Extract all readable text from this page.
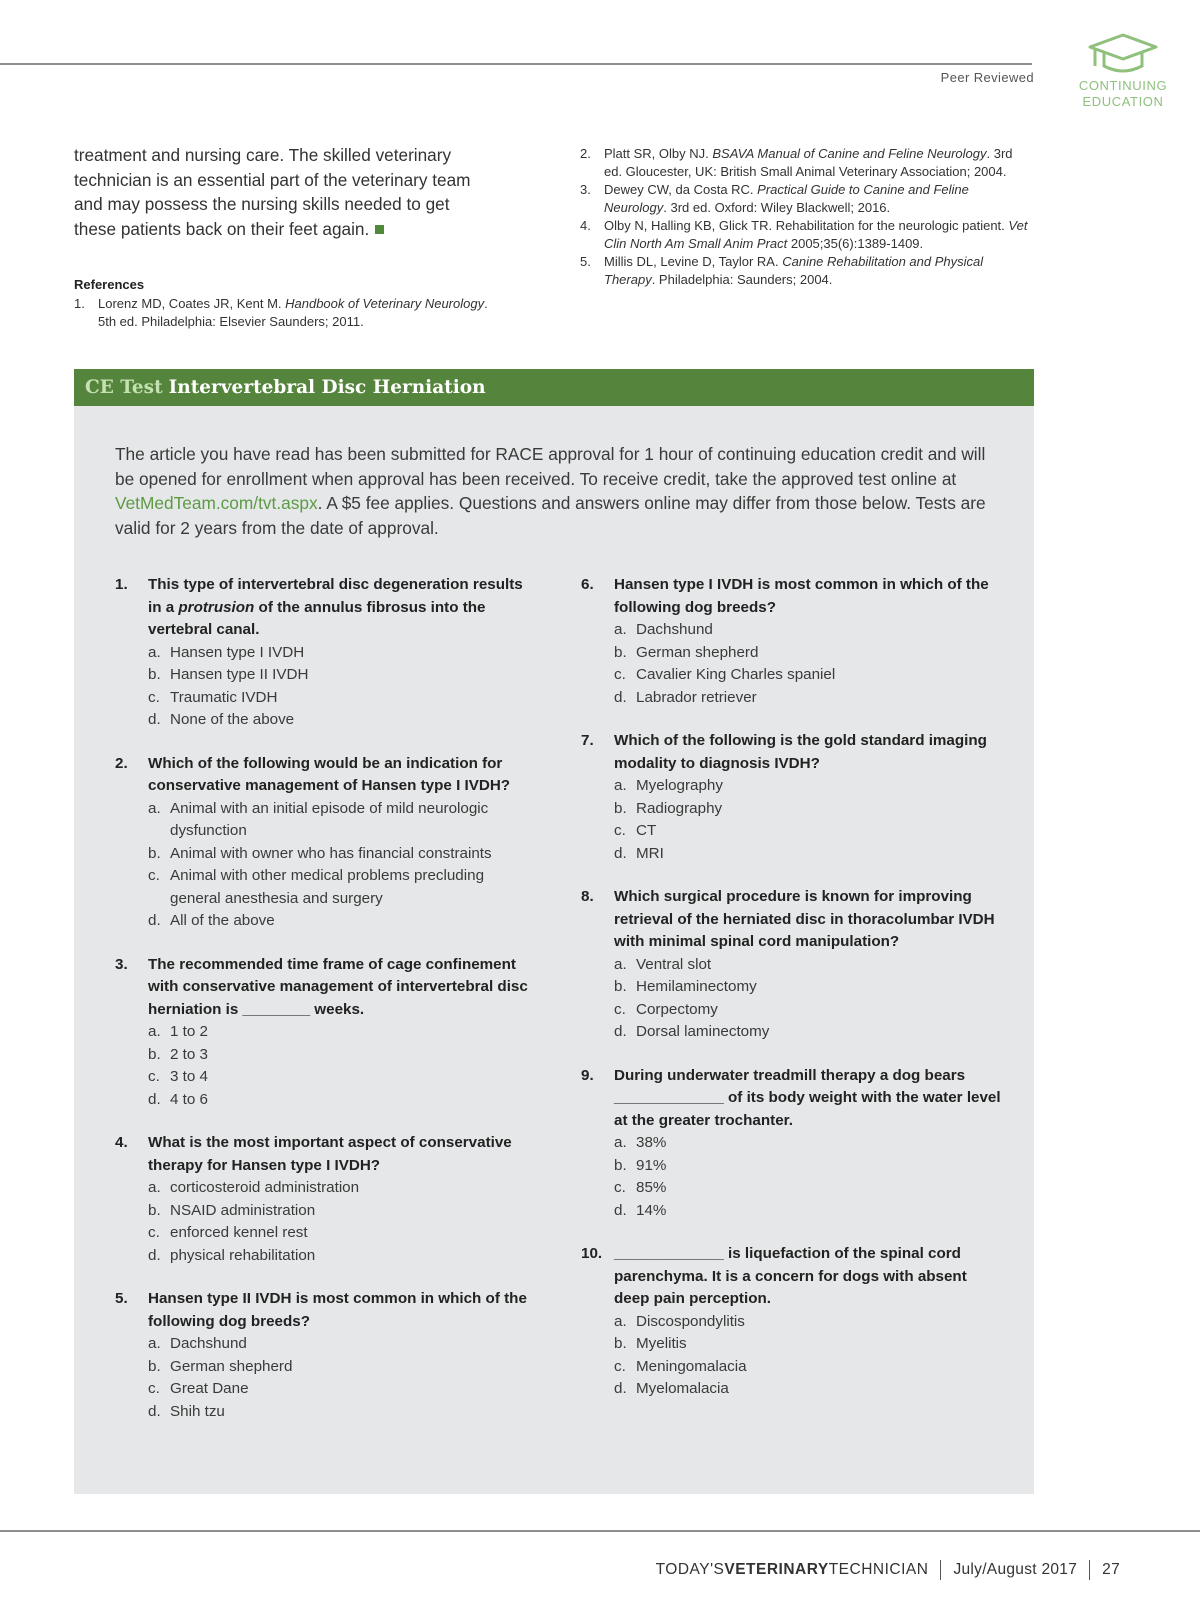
Peer Reviewed
CONTINUING
EDUCATION
treatment and nursing care. The skilled veterinary technician is an essential part of the veterinary team and may possess the nursing skills needed to get these patients back on their feet again.
References
1.	Lorenz MD, Coates JR, Kent M. Handbook of Veterinary Neurology. 5th ed. Philadelphia: Elsevier Saunders; 2011.
2.	Platt SR, Olby NJ. BSAVA Manual of Canine and Feline Neurology. 3rd ed. Gloucester, UK: British Small Animal Veterinary Association; 2004.
3.	Dewey CW, da Costa RC. Practical Guide to Canine and Feline Neurology. 3rd ed. Oxford: Wiley Blackwell; 2016.
4.	Olby N, Halling KB, Glick TR. Rehabilitation for the neurologic patient. Vet Clin North Am Small Anim Pract 2005;35(6):1389-1409.
5.	Millis DL, Levine D, Taylor RA. Canine Rehabilitation and Physical Therapy. Philadelphia: Saunders; 2004.
CE Test Intervertebral Disc Herniation
The article you have read has been submitted for RACE approval for 1 hour of continuing education credit and will be opened for enrollment when approval has been received. To receive credit, take the approved test online at VetMedTeam.com/tvt.aspx. A $5 fee applies. Questions and answers online may differ from those below. Tests are valid for 2 years from the date of approval.
1.	This type of intervertebral disc degeneration results in a protrusion of the annulus fibrosus into the vertebral canal.
a. Hansen type I IVDH
b. Hansen type II IVDH
c. Traumatic IVDH
d. None of the above
2.	Which of the following would be an indication for conservative management of Hansen type I IVDH?
a. Animal with an initial episode of mild neurologic dysfunction
b. Animal with owner who has financial constraints
c. Animal with other medical problems precluding general anesthesia and surgery
d. All of the above
3.	The recommended time frame of cage confinement with conservative management of intervertebral disc herniation is ________ weeks.
a. 1 to 2
b. 2 to 3
c. 3 to 4
d. 4 to 6
4.	What is the most important aspect of conservative therapy for Hansen type I IVDH?
a. corticosteroid administration
b. NSAID administration
c. enforced kennel rest
d. physical rehabilitation
5.	Hansen type II IVDH is most common in which of the following dog breeds?
a. Dachshund
b. German shepherd
c. Great Dane
d. Shih tzu
6.	Hansen type I IVDH is most common in which of the following dog breeds?
a. Dachshund
b. German shepherd
c. Cavalier King Charles spaniel
d. Labrador retriever
7.	Which of the following is the gold standard imaging modality to diagnosis IVDH?
a. Myelography
b. Radiography
c. CT
d. MRI
8.	Which surgical procedure is known for improving retrieval of the herniated disc in thoracolumbar IVDH with minimal spinal cord manipulation?
a. Ventral slot
b. Hemilaminectomy
c. Corpectomy
d. Dorsal laminectomy
9.	During underwater treadmill therapy a dog bears _____________ of its body weight with the water level at the greater trochanter.
a. 38%
b. 91%
c. 85%
d. 14%
10. _____________ is liquefaction of the spinal cord parenchyma. It is a concern for dogs with absent deep pain perception.
a. Discospondylitis
b. Myelitis
c. Meningomalacia
d. Myelomalacia
TODAY'SVETERINARYTECHNICIAN July/August 2017 27
